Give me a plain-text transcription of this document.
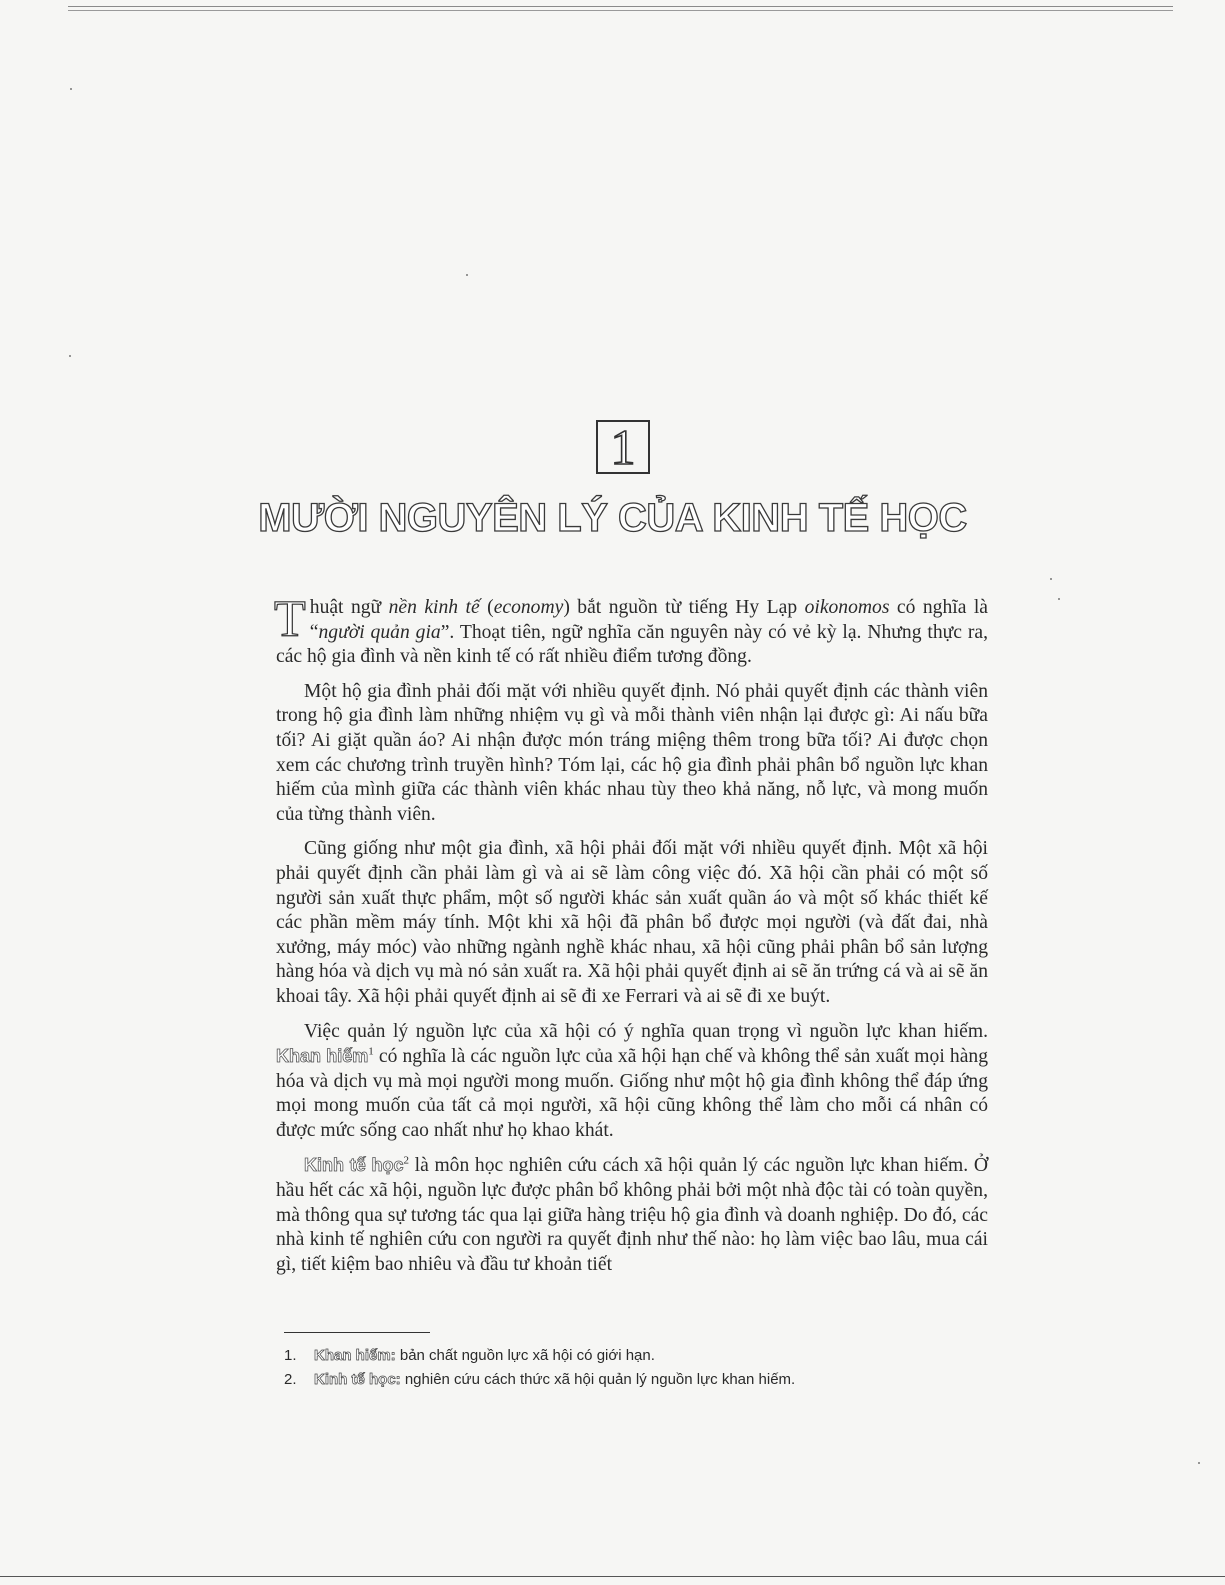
1
MƯỜI NGUYÊN LÝ CỦA KINH TẾ HỌC

Thuật ngữ nền kinh tế (economy) bắt nguồn từ tiếng Hy Lạp oikonomos có nghĩa là “người quản gia”. Thoạt tiên, ngữ nghĩa căn nguyên này có vẻ kỳ lạ. Nhưng thực ra, các hộ gia đình và nền kinh tế có rất nhiều điểm tương đồng.

Một hộ gia đình phải đối mặt với nhiều quyết định. Nó phải quyết định các thành viên trong hộ gia đình làm những nhiệm vụ gì và mỗi thành viên nhận lại được gì: Ai nấu bữa tối? Ai giặt quần áo? Ai nhận được món tráng miệng thêm trong bữa tối? Ai được chọn xem các chương trình truyền hình? Tóm lại, các hộ gia đình phải phân bổ nguồn lực khan hiếm của mình giữa các thành viên khác nhau tùy theo khả năng, nỗ lực, và mong muốn của từng thành viên.

Cũng giống như một gia đình, xã hội phải đối mặt với nhiều quyết định. Một xã hội phải quyết định cần phải làm gì và ai sẽ làm công việc đó. Xã hội cần phải có một số người sản xuất thực phẩm, một số người khác sản xuất quần áo và một số khác thiết kế các phần mềm máy tính. Một khi xã hội đã phân bổ được mọi người (và đất đai, nhà xưởng, máy móc) vào những ngành nghề khác nhau, xã hội cũng phải phân bổ sản lượng hàng hóa và dịch vụ mà nó sản xuất ra. Xã hội phải quyết định ai sẽ ăn trứng cá và ai sẽ ăn khoai tây. Xã hội phải quyết định ai sẽ đi xe Ferrari và ai sẽ đi xe buýt.

Việc quản lý nguồn lực của xã hội có ý nghĩa quan trọng vì nguồn lực khan hiếm. Khan hiếm$^1$ có nghĩa là các nguồn lực của xã hội hạn chế và không thể sản xuất mọi hàng hóa và dịch vụ mà mọi người mong muốn. Giống như một hộ gia đình không thể đáp ứng mọi mong muốn của tất cả mọi người, xã hội cũng không thể làm cho mỗi cá nhân có được mức sống cao nhất như họ khao khát.

Kinh tế học$^2$ là môn học nghiên cứu cách xã hội quản lý các nguồn lực khan hiếm. Ở hầu hết các xã hội, nguồn lực được phân bổ không phải bởi một nhà độc tài có toàn quyền, mà thông qua sự tương tác qua lại giữa hàng triệu hộ gia đình và doanh nghiệp. Do đó, các nhà kinh tế nghiên cứu con người ra quyết định như thế nào: họ làm việc bao lâu, mua cái gì, tiết kiệm bao nhiêu và đầu tư khoản tiết

1. Khan hiếm: bản chất nguồn lực xã hội có giới hạn.
2. Kinh tế học: nghiên cứu cách thức xã hội quản lý nguồn lực khan hiếm.
